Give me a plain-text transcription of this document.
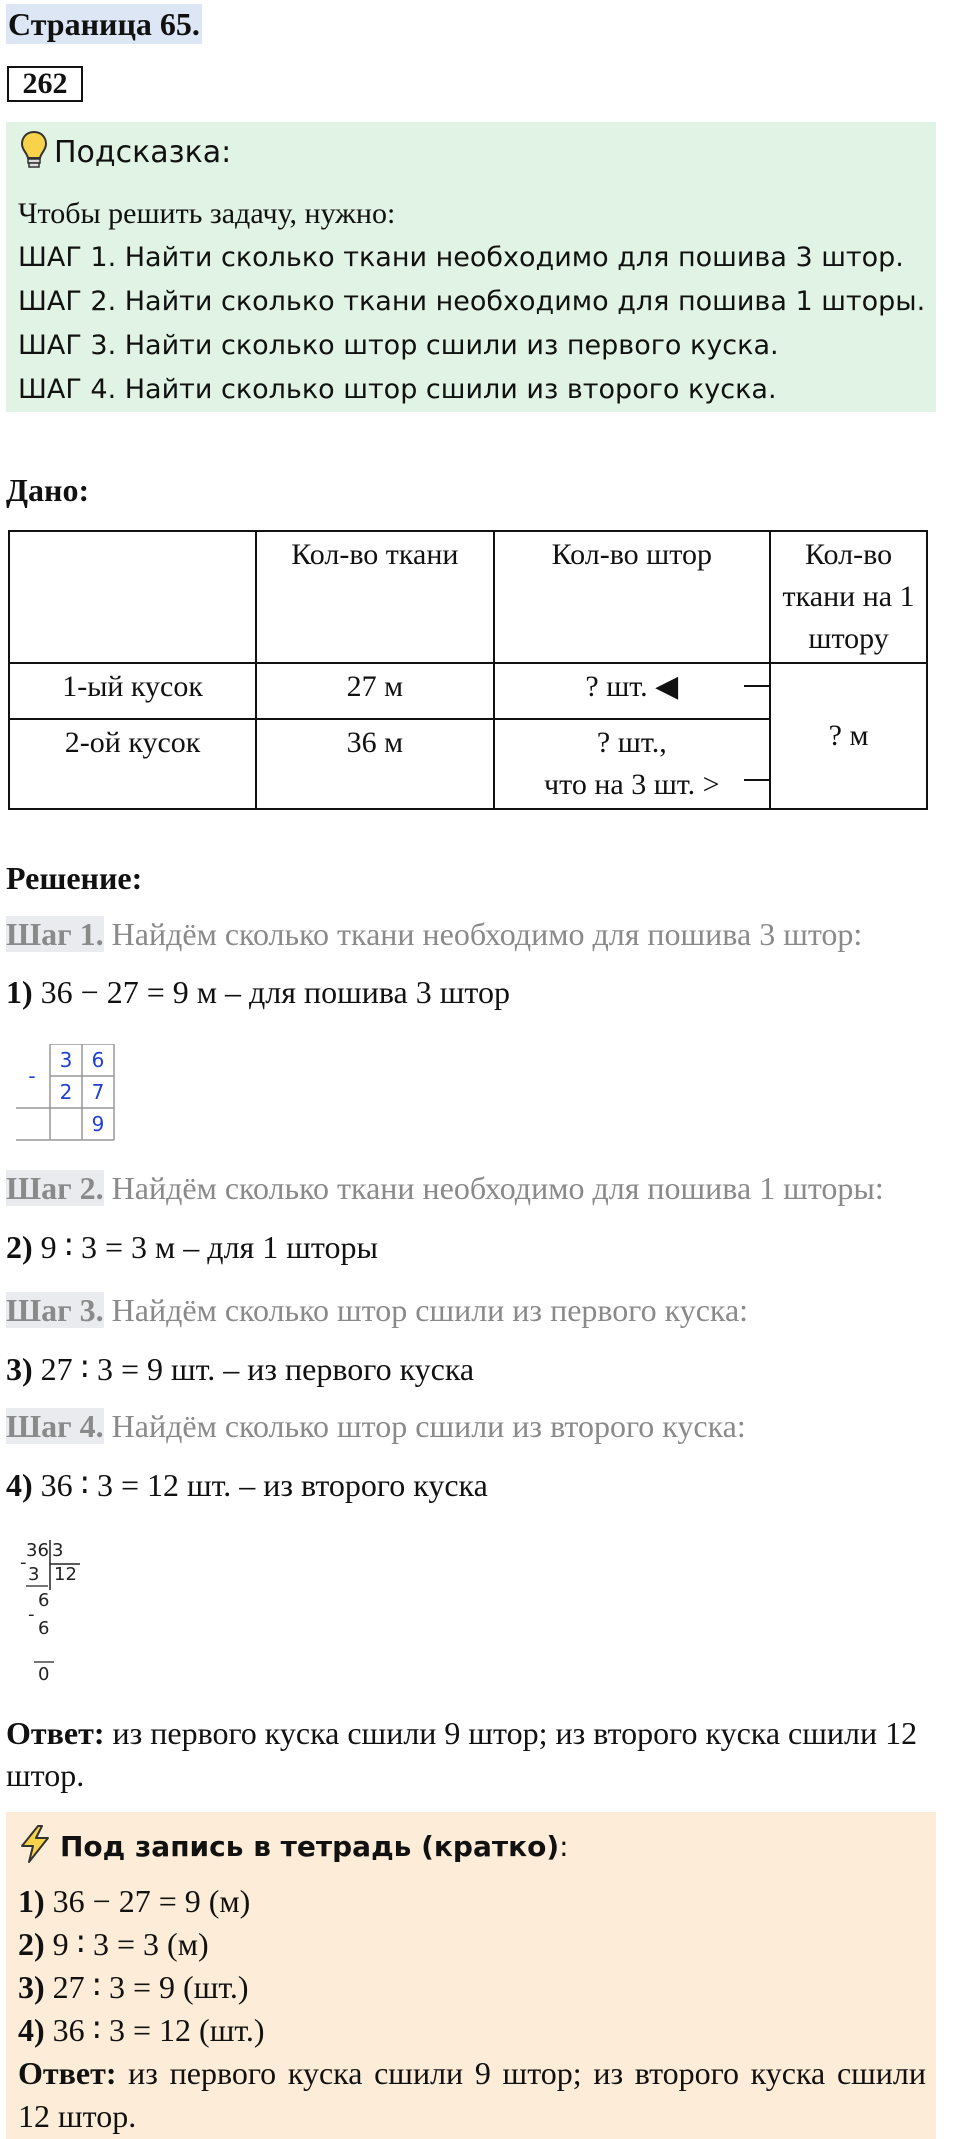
Страница 65.
262
Подсказка:
Чтобы решить задачу, нужно:
ШАГ 1. Найти сколько ткани необходимо для пошива 3 штор.
ШАГ 2. Найти сколько ткани необходимо для пошива 1 шторы.
ШАГ 3. Найти сколько штор сшили из первого куска.
ШАГ 4. Найти сколько штор сшили из второго куска.
Дано:
	Кол-во ткани	Кол-во штор	Кол-во ткани на 1 штору
1-ый кусок	27 м	? шт. ◀	? м
2-ой кусок	36 м	? шт.,
что на 3 шт. >	
Решение:
Шаг 1. Найдём сколько ткани необходимо для пошива 3 штор:
1) 36 − 27 = 9 м – для пошива 3 штор
-
3 6
2 7
9
Шаг 2. Найдём сколько ткани необходимо для пошива 1 шторы:
2) 9 ∶ 3 = 3 м – для 1 шторы
Шаг 3. Найдём сколько штор сшили из первого куска:
3) 27 ∶ 3 = 9 шт. – из первого куска
Шаг 4. Найдём сколько штор сшили из второго куска:
4) 36 ∶ 3 = 12 шт. – из второго куска
36 3
-
3 12
6
-
6
0
Ответ: из первого куска сшили 9 штор; из второго куска сшили 12 штор.
Под запись в тетрадь (кратко):
1) 36 − 27 = 9 (м)
2) 9 ∶ 3 = 3 (м)
3) 27 ∶ 3 = 9 (шт.)
4) 36 ∶ 3 = 12 (шт.)
Ответ: из первого куска сшили 9 штор; из второго куска сшили 12 штор.
